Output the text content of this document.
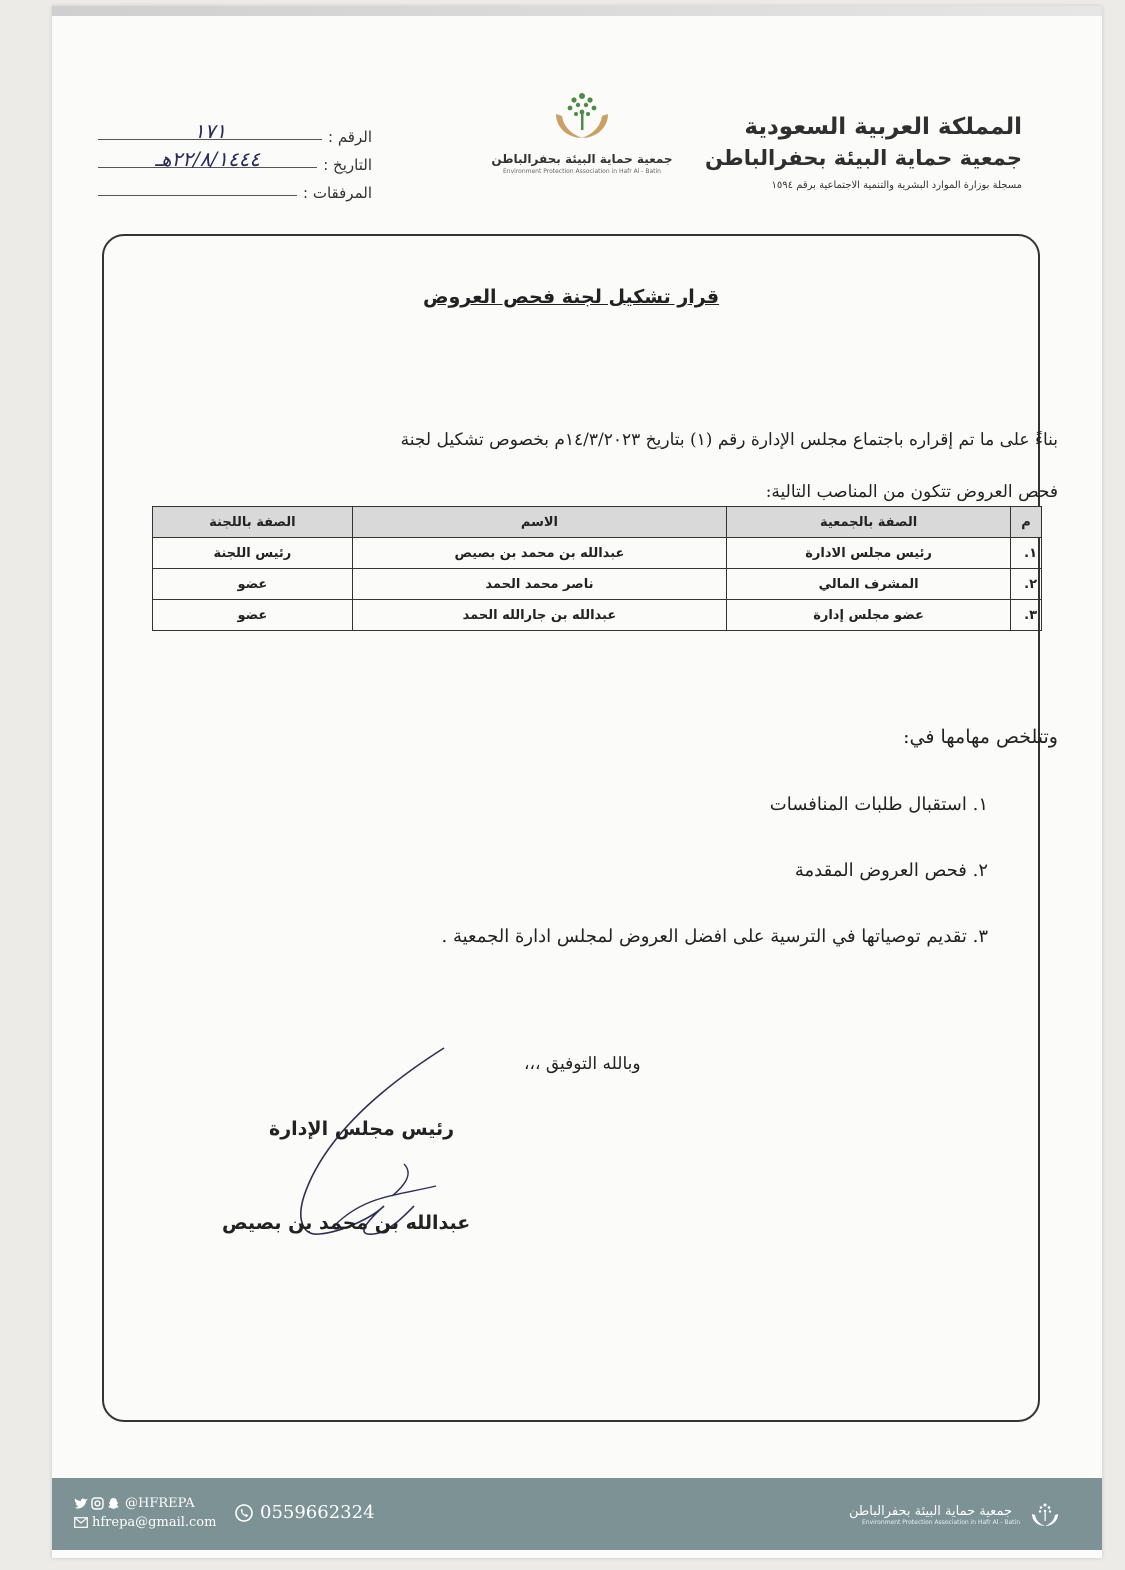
المملكة العربية السعودية
جمعية حماية البيئة بحفرالباطن
مسجلة بوزارة الموارد البشرية والتنمية الاجتماعية برقم ١٥٩٤
جمعية حماية البيئة بحفرالباطن
Environment Protection Association in Hafr Al - Batin
الرقم :
١٧١
التاريخ :
٢٢/٨/١٤٤٤هـ
المرفقات :
قرار تشكيل لجنة فحص العروض
بناءً على ما تم إقراره باجتماع مجلس الإدارة رقم (١) بتاريخ ١٤/٣/٢٠٢٣م بخصوص تشكيل لجنة
فحص العروض تتكون من المناصب التالية:
م	الصفة بالجمعية	الاسم	الصفة باللجنة
١.	رئيس مجلس الادارة	عبدالله بن محمد بن بصيص	رئيس اللجنة
٢.	المشرف المالي	ناصر محمد الحمد	عضو
٣.	عضو مجلس إدارة	عبدالله بن جارالله الحمد	عضو
وتتلخص مهامها في:
١. استقبال طلبات المنافسات
٢. فحص العروض المقدمة
٣. تقديم توصياتها في الترسية على افضل العروض لمجلس ادارة الجمعية .
وبالله التوفيق ،،،
رئيس مجلس الإدارة
عبدالله بن محمد بن بصيص
جمعية حماية البيئة بحفرالباطن
Environment Protection Association in Hafr Al - Batin
0559662324
@HFREPA
hfrepa@gmail.com
